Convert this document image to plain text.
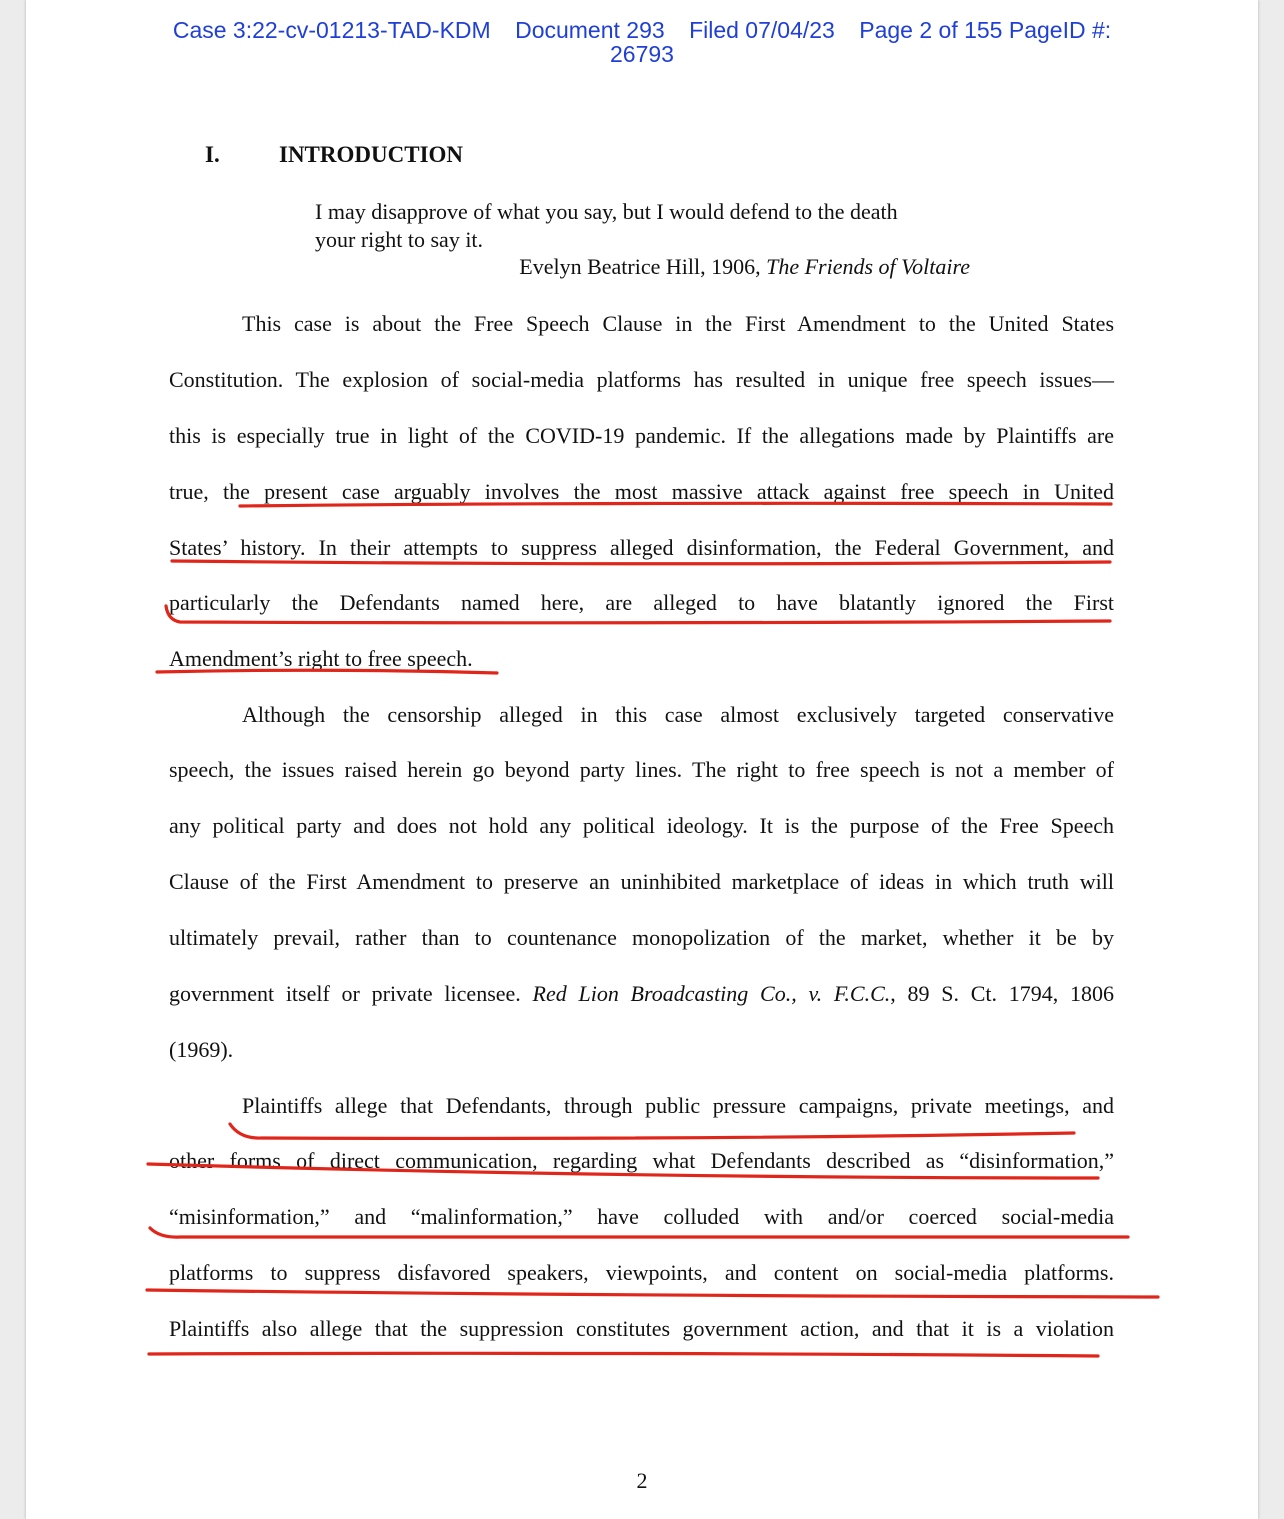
Case 3:22-cv-01213-TAD-KDM Document 293 Filed 07/04/23 Page 2 of 155 PageID #:
26793
I.	INTRODUCTION
I may disapprove of what you say, but I would defend to the death
your right to say it.
Evelyn Beatrice Hill, 1906, The Friends of Voltaire
This case is about the Free Speech Clause in the First Amendment to the United States
Constitution. The explosion of social-media platforms has resulted in unique free speech issues—
this is especially true in light of the COVID-19 pandemic. If the allegations made by Plaintiffs are
true, the present case arguably involves the most massive attack against free speech in United
States’ history. In their attempts to suppress alleged disinformation, the Federal Government, and
particularly the Defendants named here, are alleged to have blatantly ignored the First
Amendment’s right to free speech.
Although the censorship alleged in this case almost exclusively targeted conservative
speech, the issues raised herein go beyond party lines. The right to free speech is not a member of
any political party and does not hold any political ideology. It is the purpose of the Free Speech
Clause of the First Amendment to preserve an uninhibited marketplace of ideas in which truth will
ultimately prevail, rather than to countenance monopolization of the market, whether it be by
government itself or private licensee. Red Lion Broadcasting Co., v. F.C.C., 89 S. Ct. 1794, 1806
(1969).
Plaintiffs allege that Defendants, through public pressure campaigns, private meetings, and
other forms of direct communication, regarding what Defendants described as “disinformation,”
“misinformation,” and “malinformation,” have colluded with and/or coerced social-media
platforms to suppress disfavored speakers, viewpoints, and content on social-media platforms.
Plaintiffs also allege that the suppression constitutes government action, and that it is a violation
2
